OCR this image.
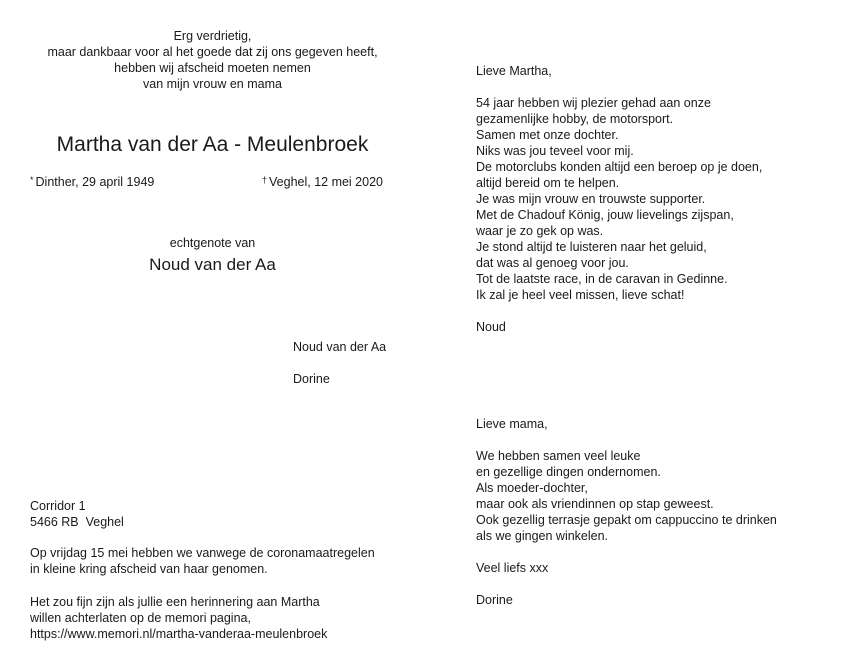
Erg verdrietig,
maar dankbaar voor al het goede dat zij ons gegeven heeft,
hebben wij afscheid moeten nemen
van mijn vrouw en mama
Martha van der Aa - Meulenbroek
* Dinther, 29 april 1949	† Veghel, 12 mei 2020
echtgenote van
Noud van der Aa
Noud van der Aa
Dorine
Corridor 1
5466 RB  Veghel
Op vrijdag 15 mei hebben we vanwege de coronamaatregelen
in kleine kring afscheid van haar genomen.
Het zou fijn zijn als jullie een herinnering aan Martha
willen achterlaten op de memori pagina,
https://www.memori.nl/martha-vanderaa-meulenbroek
Lieve Martha,
54 jaar hebben wij plezier gehad aan onze
gezamenlijke hobby, de motorsport.
Samen met onze dochter.
Niks was jou teveel voor mij.
De motorclubs konden altijd een beroep op je doen,
altijd bereid om te helpen.
Je was mijn vrouw en trouwste supporter.
Met de Chadouf König, jouw lievelings zijspan,
waar je zo gek op was.
Je stond altijd te luisteren naar het geluid,
dat was al genoeg voor jou.
Tot de laatste race, in de caravan in Gedinne.
Ik zal je heel veel missen, lieve schat!
Noud
Lieve mama,
We hebben samen veel leuke
en gezellige dingen ondernomen.
Als moeder-dochter,
maar ook als vriendinnen op stap geweest.
Ook gezellig terrasje gepakt om cappuccino te drinken
als we gingen winkelen.
Veel liefs xxx
Dorine
